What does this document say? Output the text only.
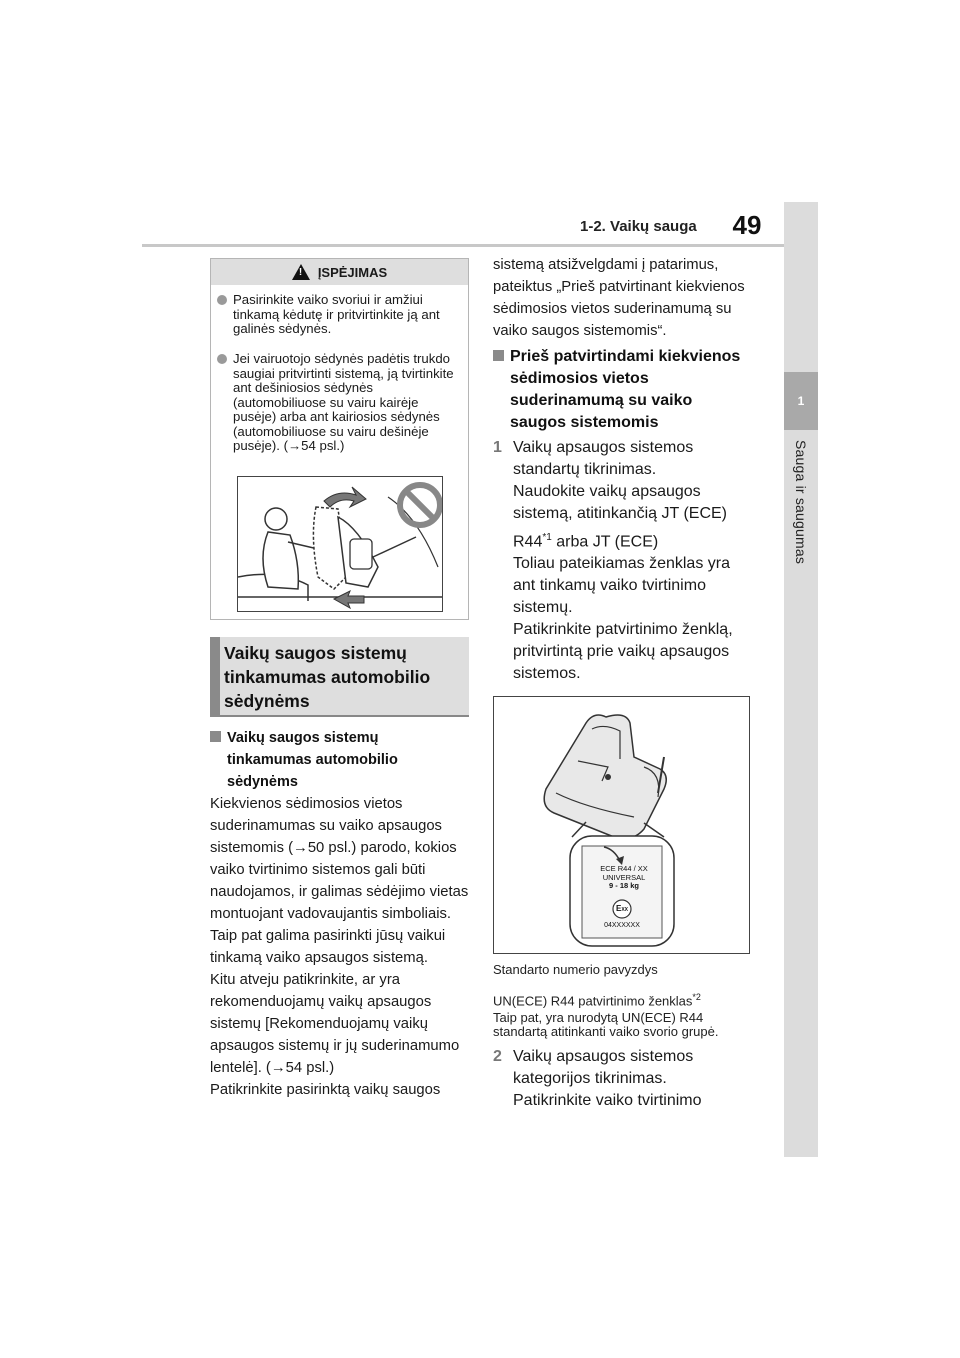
1-2. Vaikų sauga	49
1
Sauga ir saugumas
!
ĮSPĖJIMAS
Pasirinkite vaiko svoriui ir amžiui tinkamą kėdutę ir pritvirtinkite ją ant galinės sėdynės.
Jei vairuotojo sėdynės padėtis trukdo saugiai pritvirtinti sistemą, ją tvirtinkite ant dešiniosios sėdynės (automobiliuose su vairu kairėje pusėje) arba ant kairiosios sėdynės (automobiliuose su vairu dešinėje pusėje). (→54 psl.)
Vaikų saugos sistemų
tinkamumas automobilio
sėdynėms
Vaikų saugos sistemų
tinkamumas automobilio
sėdynėms
Kiekvienos sėdimosios vietos
suderinamumas su vaiko apsaugos
sistemomis (→50 psl.) parodo, kokios
vaiko tvirtinimo sistemos gali būti
naudojamos, ir galimas sėdėjimo vietas
montuojant vadovaujantis simboliais.
Taip pat galima pasirinkti jūsų vaikui
tinkamą vaiko apsaugos sistemą.
Kitu atveju patikrinkite, ar yra
rekomenduojamų vaikų apsaugos
sistemų [Rekomenduojamų vaikų
apsaugos sistemų ir jų suderinamumo
lentelė]. (→54 psl.)
Patikrinkite pasirinktą vaikų saugos
sistemą atsižvelgdami į patarimus,
pateiktus „Prieš patvirtinant kiekvienos
sėdimosios vietos suderinamumą su
vaiko saugos sistemomis“.
Prieš patvirtindami kiekvienos
sėdimosios vietos
suderinamumą su vaiko
saugos sistemomis
1 Vaikų apsaugos sistemos
standartų tikrinimas.
Naudokite vaikų apsaugos
sistemą, atitinkančią JT (ECE)
R44$^{*1}$ arba JT (ECE)
Toliau pateikiamas ženklas yra
ant tinkamų vaiko tvirtinimo
sistemų.
Patikrinkite patvirtinimo ženklą,
pritvirtintą prie vaikų apsaugos
sistemos.
ECE R44 / XX
UNIVERSAL
9 - 18 kg
EXX
04XXXXXX
Standarto numerio pavyzdys
UN(ECE) R44 patvirtinimo ženklas$^{*2}$
Taip pat, yra nurodytą UN(ECE) R44
standartą atitinkanti vaiko svorio grupė.
2 Vaikų apsaugos sistemos
kategorijos tikrinimas.
Patikrinkite vaiko tvirtinimo
